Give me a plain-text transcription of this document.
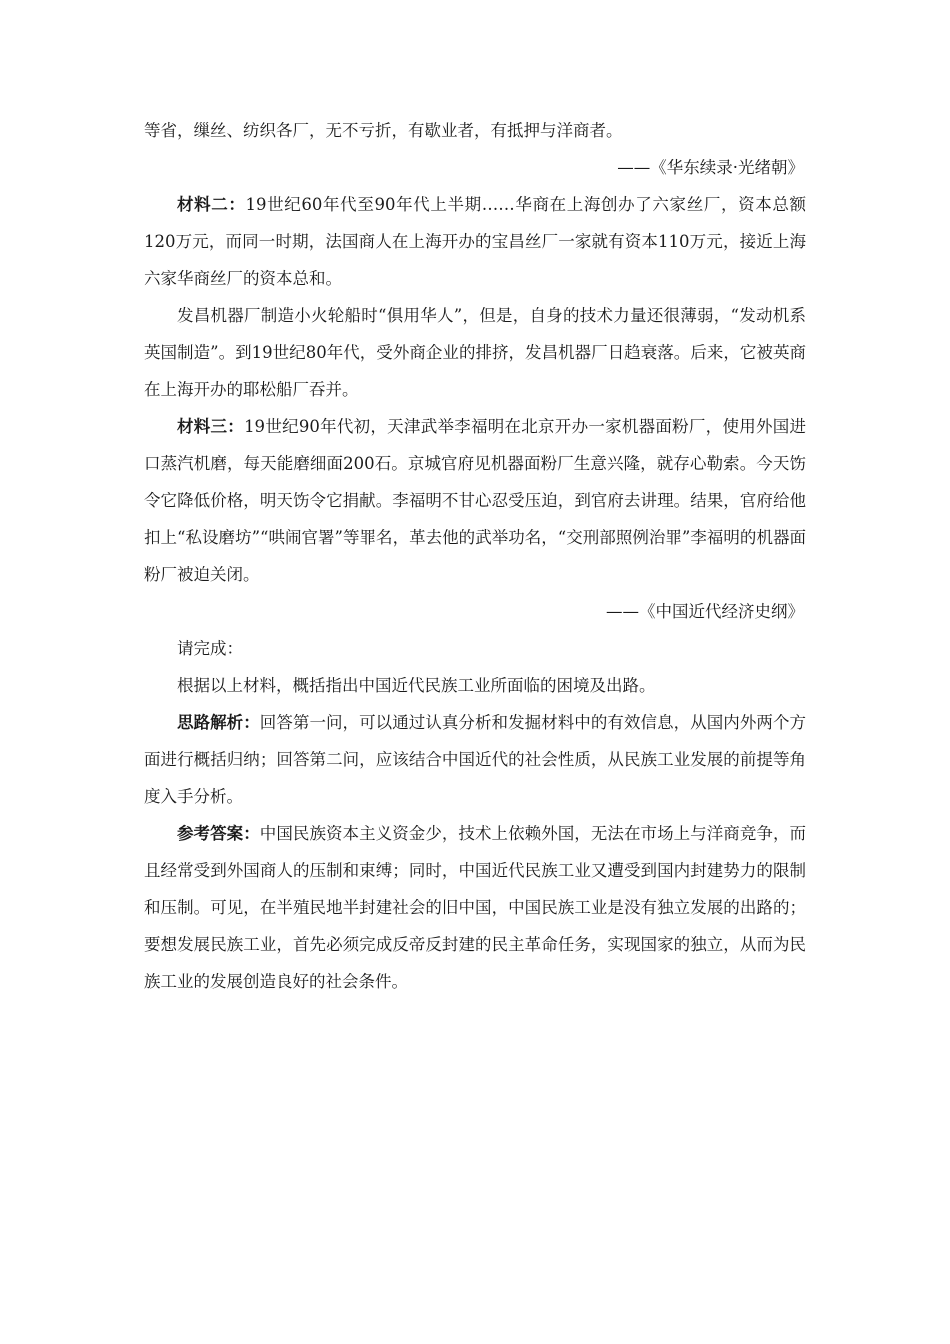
等省，缫丝、纺织各厂，无不亏折，有歇业者，有抵押与洋商者。

——《华东续录·光绪朝》

材料二：19世纪60年代至90年代上半期……华商在上海创办了六家丝厂，资本总额120万元，而同一时期，法国商人在上海开办的宝昌丝厂一家就有资本110万元，接近上海六家华商丝厂的资本总和。

发昌机器厂制造小火轮船时“俱用华人”，但是，自身的技术力量还很薄弱，“发动机系英国制造”。到19世纪80年代，受外商企业的排挤，发昌机器厂日趋衰落。后来，它被英商在上海开办的耶松船厂吞并。

材料三：19世纪90年代初，天津武举李福明在北京开办一家机器面粉厂，使用外国进口蒸汽机磨，每天能磨细面200石。京城官府见机器面粉厂生意兴隆，就存心勒索。今天饬令它降低价格，明天饬令它捐献。李福明不甘心忍受压迫，到官府去讲理。结果，官府给他扣上“私设磨坊”“哄闹官署”等罪名，革去他的武举功名，“交刑部照例治罪”李福明的机器面粉厂被迫关闭。

——《中国近代经济史纲》

请完成：

根据以上材料，概括指出中国近代民族工业所面临的困境及出路。

思路解析：回答第一问，可以通过认真分析和发掘材料中的有效信息，从国内外两个方面进行概括归纳；回答第二问，应该结合中国近代的社会性质，从民族工业发展的前提等角度入手分析。

参考答案：中国民族资本主义资金少，技术上依赖外国，无法在市场上与洋商竞争，而且经常受到外国商人的压制和束缚；同时，中国近代民族工业又遭受到国内封建势力的限制和压制。可见，在半殖民地半封建社会的旧中国，中国民族工业是没有独立发展的出路的；要想发展民族工业，首先必须完成反帝反封建的民主革命任务，实现国家的独立，从而为民族工业的发展创造良好的社会条件。
